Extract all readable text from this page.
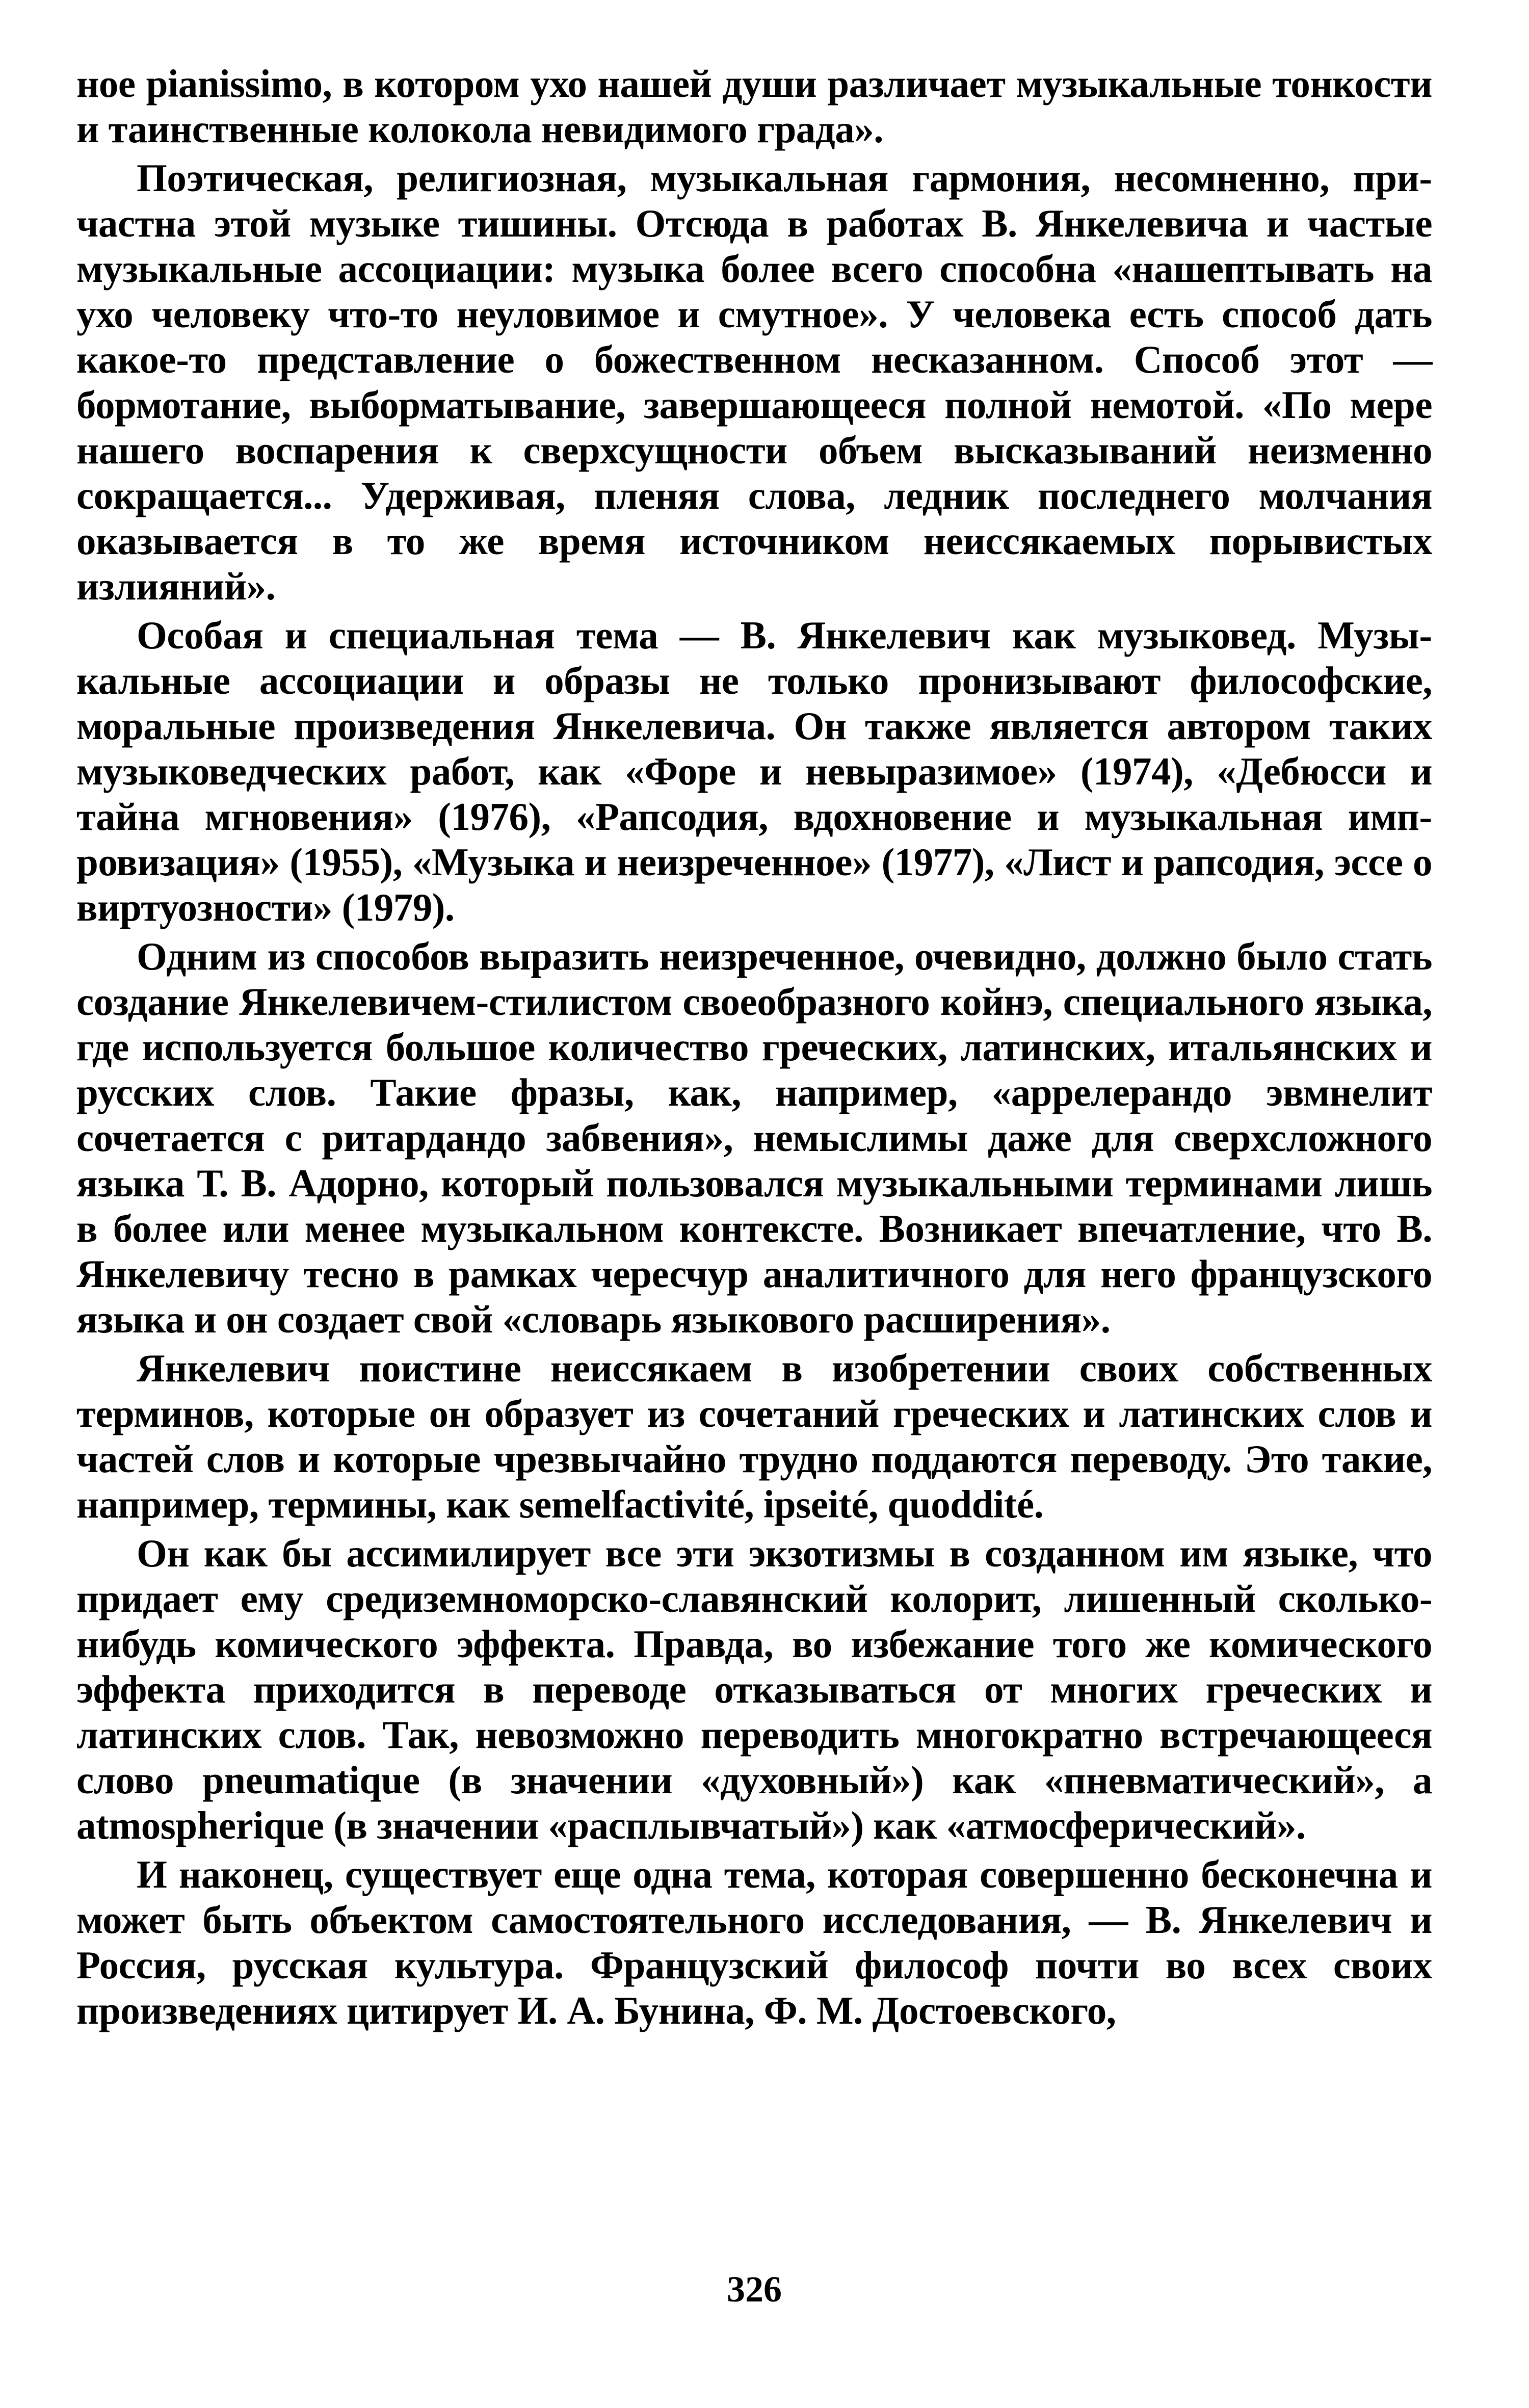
ное pianissimo, в котором ухо нашей души различает музыкальные тонкости и таинственные колокола невидимого града».

Поэтическая, религиозная, музыкальная гармония, несомненно, причастна этой музыке тишины. Отсюда в работах В. Янкелевича и частые музыкальные ассоциации: музыка более всего способна «нашептывать на ухо человеку что-то неуловимое и смутное». У человека есть способ дать какое-то представление о божественном несказанном. Способ этот — бормотание, выборматывание, завершающееся полной немотой. «По мере нашего воспарения к сверхсущности объем высказываний неизменно сокращается... Удерживая, пленяя слова, ледник последнего молчания оказывается в то же время источником неиссякаемых порывистых излияний».

Особая и специальная тема — В. Янкелевич как музыковед. Музыкальные ассоциации и образы не только пронизывают философские, моральные произведения Янкелевича. Он также является автором таких музыковедческих работ, как «Форе и невыразимое» (1974), «Дебюсси и тайна мгновения» (1976), «Рапсодия, вдохновение и музыкальная импровизация» (1955), «Музыка и неизреченное» (1977), «Лист и рапсодия, эссе о виртуозности» (1979).

Одним из способов выразить неизреченное, очевидно, должно было стать создание Янкелевичем-стилистом своеобразного койнэ, специального языка, где используется большое количество греческих, латинских, итальянских и русских слов. Такие фразы, как, например, «аррелерандо эвмнелит сочетается с ритардандо забвения», немыслимы даже для сверхсложного языка Т. В. Адорно, который пользовался музыкальными терминами лишь в более или менее музыкальном контексте. Возникает впечатление, что В. Янкелевичу тесно в рамках чересчур аналитичного для него французского языка и он создает свой «словарь языкового расширения».

Янкелевич поистине неиссякаем в изобретении своих собственных терминов, которые он образует из сочетаний греческих и латинских слов и частей слов и которые чрезвычайно трудно поддаются переводу. Это такие, например, термины, как semelfactivité, ipseité, quoddité.

Он как бы ассимилирует все эти экзотизмы в созданном им языке, что придает ему средиземноморско-славянский колорит, лишенный сколько-нибудь комического эффекта. Правда, во избежание того же комического эффекта приходится в переводе отказываться от многих греческих и латинских слов. Так, невозможно переводить многократно встречающееся слово pneumatique (в значении «духовный») как «пневматический», а atmospherique (в значении «расплывчатый») как «атмосферический».

И наконец, существует еще одна тема, которая совершенно бесконечна и может быть объектом самостоятельного исследования, — В. Янкелевич и Россия, русская культура. Французский философ почти во всех своих произведениях цитирует И. А. Бунина, Ф. М. Достоевского,

326
